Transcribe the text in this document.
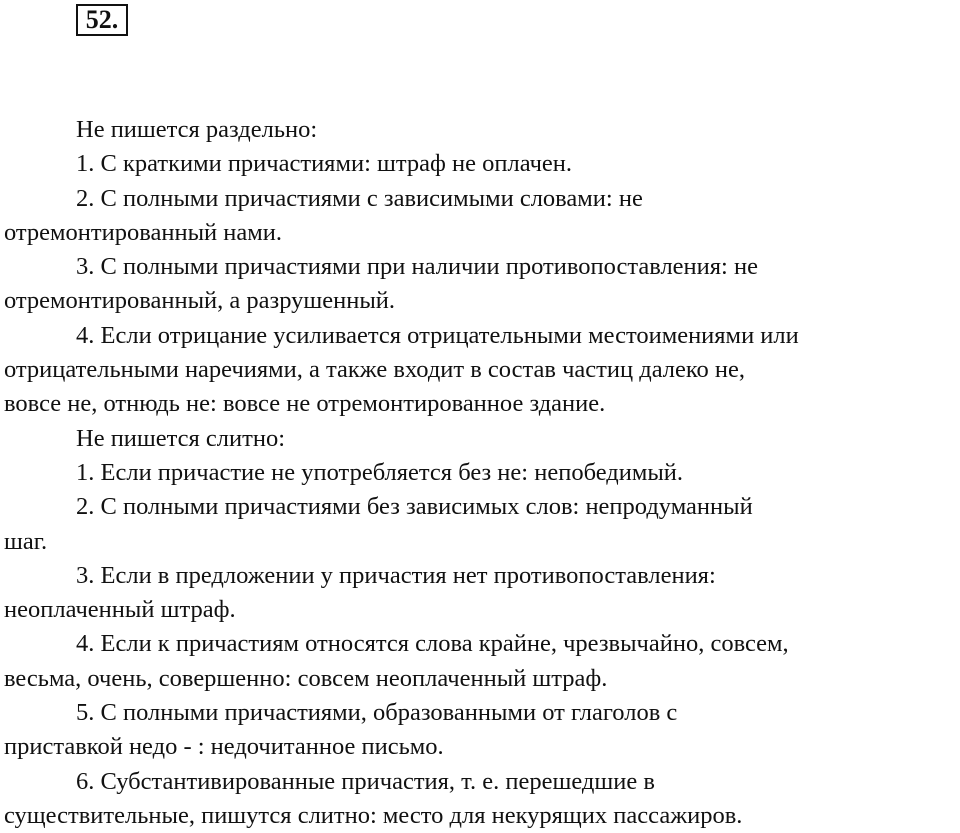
52.
Не пишется раздельно:
1. С краткими причастиями: штраф не оплачен.
2. С полными причастиями с зависимыми словами: не
отремонтированный нами.
3. С полными причастиями при наличии противопоставления: не
отремонтированный, а разрушенный.
4. Если отрицание усиливается отрицательными местоимениями или
отрицательными наречиями, а также входит в состав частиц далеко не,
вовсе не, отнюдь не: вовсе не отремонтированное здание.
Не пишется слитно:
1. Если причастие не употребляется без не: непобедимый.
2. С полными причастиями без зависимых слов: непродуманный
шаг.
3. Если в предложении у причастия нет противопоставления:
неоплаченный штраф.
4. Если к причастиям относятся слова крайне, чрезвычайно, совсем,
весьма, очень, совершенно: совсем неоплаченный штраф.
5. С полными причастиями, образованными от глаголов с
приставкой недо - : недочитанное письмо.
6. Субстантивированные причастия, т. е. перешедшие в
существительные, пишутся слитно: место для некурящих пассажиров.
